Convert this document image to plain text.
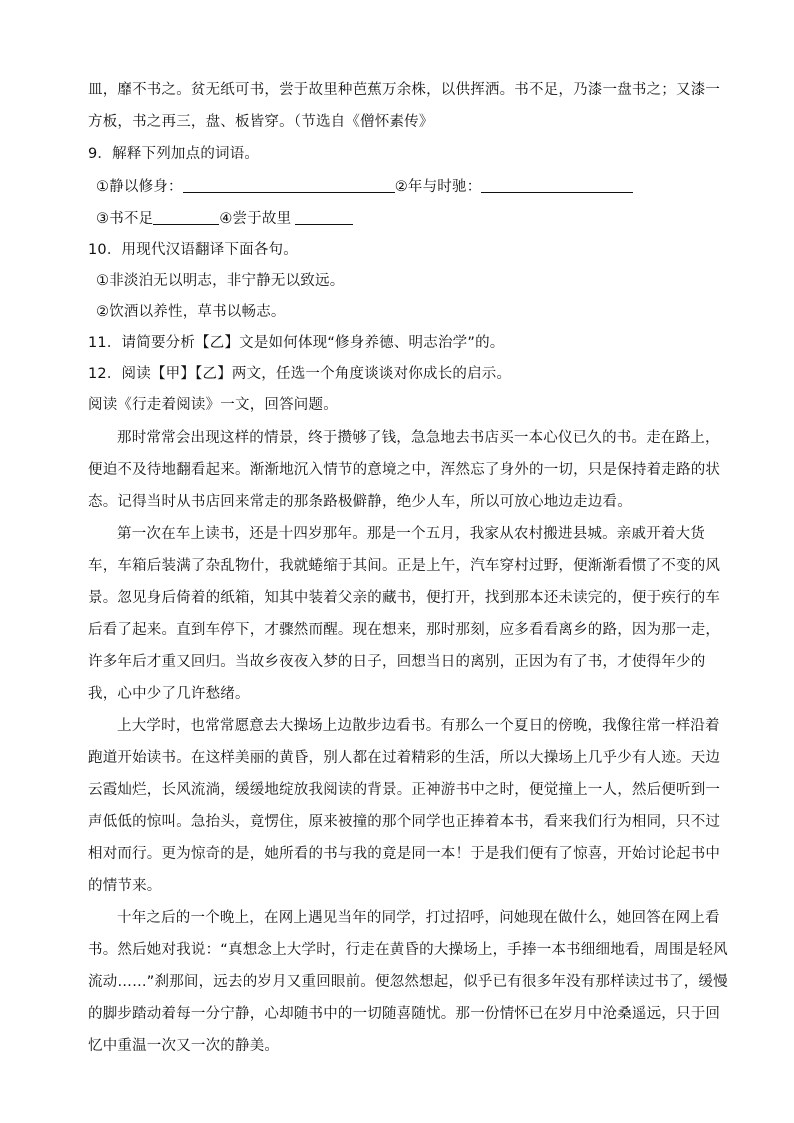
皿，靡不书之。贫无纸可书，尝于故里种芭蕉万余株，以供挥洒。书不足，乃漆一盘书之；又漆一
方板，书之再三，盘、板皆穿。（节选自《僧怀素传》
9．解释下列加点的词语。
①静以修身：	②年与时驰：
③书不足	④尝于故里
10．用现代汉语翻译下面各句。
①非淡泊无以明志，非宁静无以致远。
②饮酒以养性，草书以畅志。
11．请简要分析【乙】文是如何体现“修身养德、明志治学”的。
12．阅读【甲】【乙】两文，任选一个角度谈谈对你成长的启示。
阅读《行走着阅读》一文，回答问题。
那时常常会出现这样的情景，终于攒够了钱，急急地去书店买一本心仪已久的书。走在路上，
便迫不及待地翻看起来。渐渐地沉入情节的意境之中，浑然忘了身外的一切，只是保持着走路的状
态。记得当时从书店回来常走的那条路极僻静，绝少人车，所以可放心地边走边看。
第一次在车上读书，还是十四岁那年。那是一个五月，我家从农村搬进县城。亲戚开着大货
车，车箱后装满了杂乱物什，我就蜷缩于其间。正是上午，汽车穿村过野，便渐渐看惯了不变的风
景。忽见身后倚着的纸箱，知其中装着父亲的藏书，便打开，找到那本还未读完的，便于疾行的车
后看了起来。直到车停下，才骤然而醒。现在想来，那时那刻，应多看看离乡的路，因为那一走，
许多年后才重又回归。当故乡夜夜入梦的日子，回想当日的离别，正因为有了书，才使得年少的
我，心中少了几许愁绪。
上大学时，也常常愿意去大操场上边散步边看书。有那么一个夏日的傍晚，我像往常一样沿着
跑道开始读书。在这样美丽的黄昏，别人都在过着精彩的生活，所以大操场上几乎少有人迹。天边
云霞灿烂，长风流淌，缓缓地绽放我阅读的背景。正神游书中之时，便觉撞上一人，然后便听到一
声低低的惊叫。急抬头，竟愣住，原来被撞的那个同学也正捧着本书，看来我们行为相同，只不过
相对而行。更为惊奇的是，她所看的书与我的竟是同一本！于是我们便有了惊喜，开始讨论起书中
的情节来。
十年之后的一个晚上，在网上遇见当年的同学，打过招呼，问她现在做什么，她回答在网上看
书。然后她对我说：“真想念上大学时，行走在黄昏的大操场上，手捧一本书细细地看，周围是轻风
流动……”刹那间，远去的岁月又重回眼前。便忽然想起，似乎已有很多年没有那样读过书了，缓慢
的脚步踏动着每一分宁静，心却随书中的一切随喜随忧。那一份情怀已在岁月中沧桑遥远，只于回
忆中重温一次又一次的静美。
